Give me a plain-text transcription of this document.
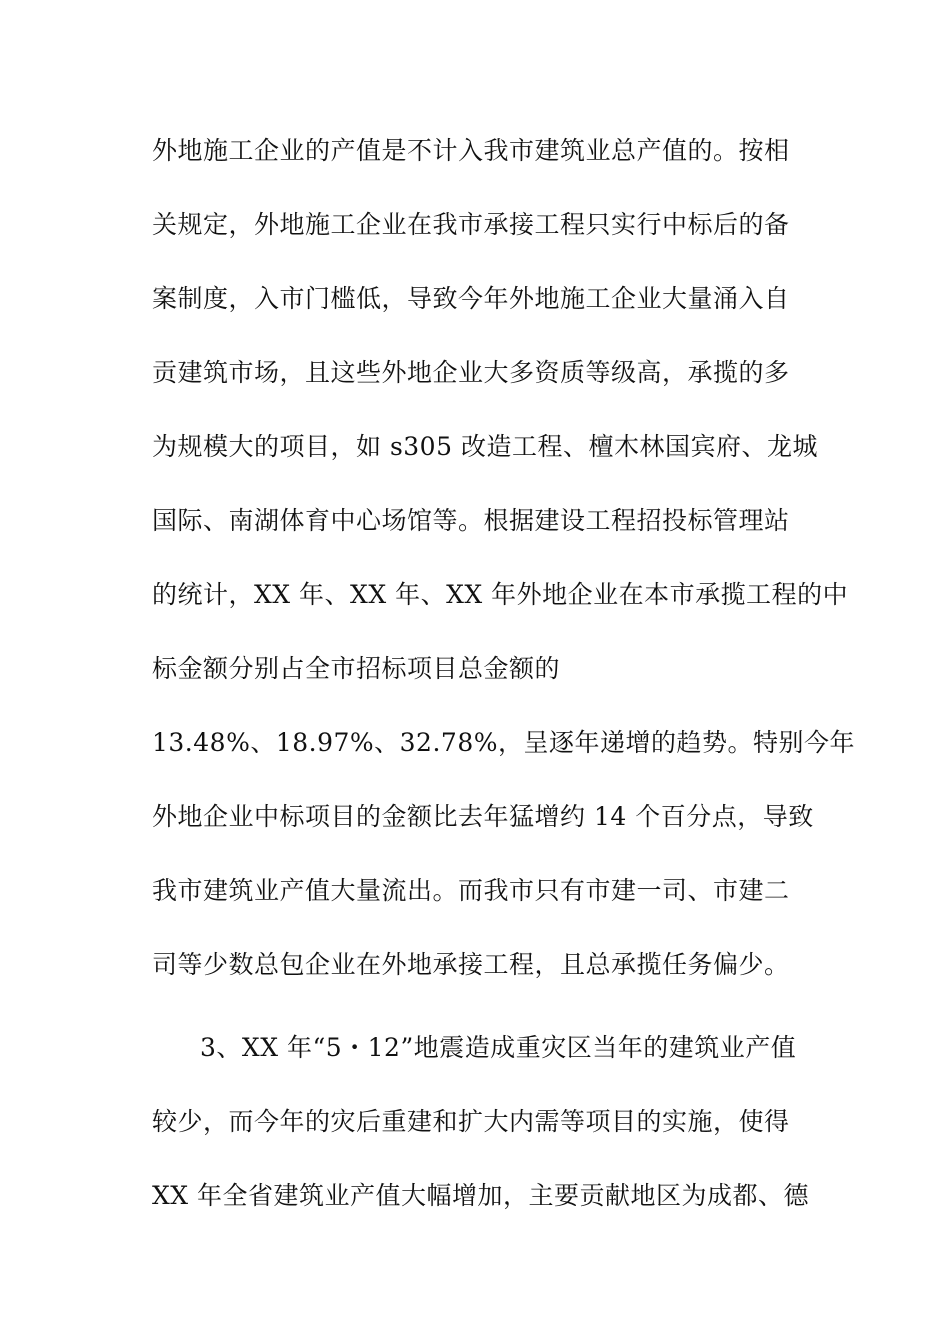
外地施工企业的产值是不计入我市建筑业总产值的。按相
关规定，外地施工企业在我市承接工程只实行中标后的备
案制度，入市门槛低，导致今年外地施工企业大量涌入自
贡建筑市场，且这些外地企业大多资质等级高，承揽的多
为规模大的项目，如 s305 改造工程、檀木林国宾府、龙城
国际、南湖体育中心场馆等。根据建设工程招投标管理站
的统计，XX 年、XX 年、XX 年外地企业在本市承揽工程的中
标金额分别占全市招标项目总金额的
13.48%、18.97%、32.78%，呈逐年递增的趋势。特别今年
外地企业中标项目的金额比去年猛增约 14 个百分点，导致
我市建筑业产值大量流出。而我市只有市建一司、市建二
司等少数总包企业在外地承接工程，且总承揽任务偏少。
3、XX 年“5・12”地震造成重灾区当年的建筑业产值
较少，而今年的灾后重建和扩大内需等项目的实施，使得
XX 年全省建筑业产值大幅增加，主要贡献地区为成都、德
